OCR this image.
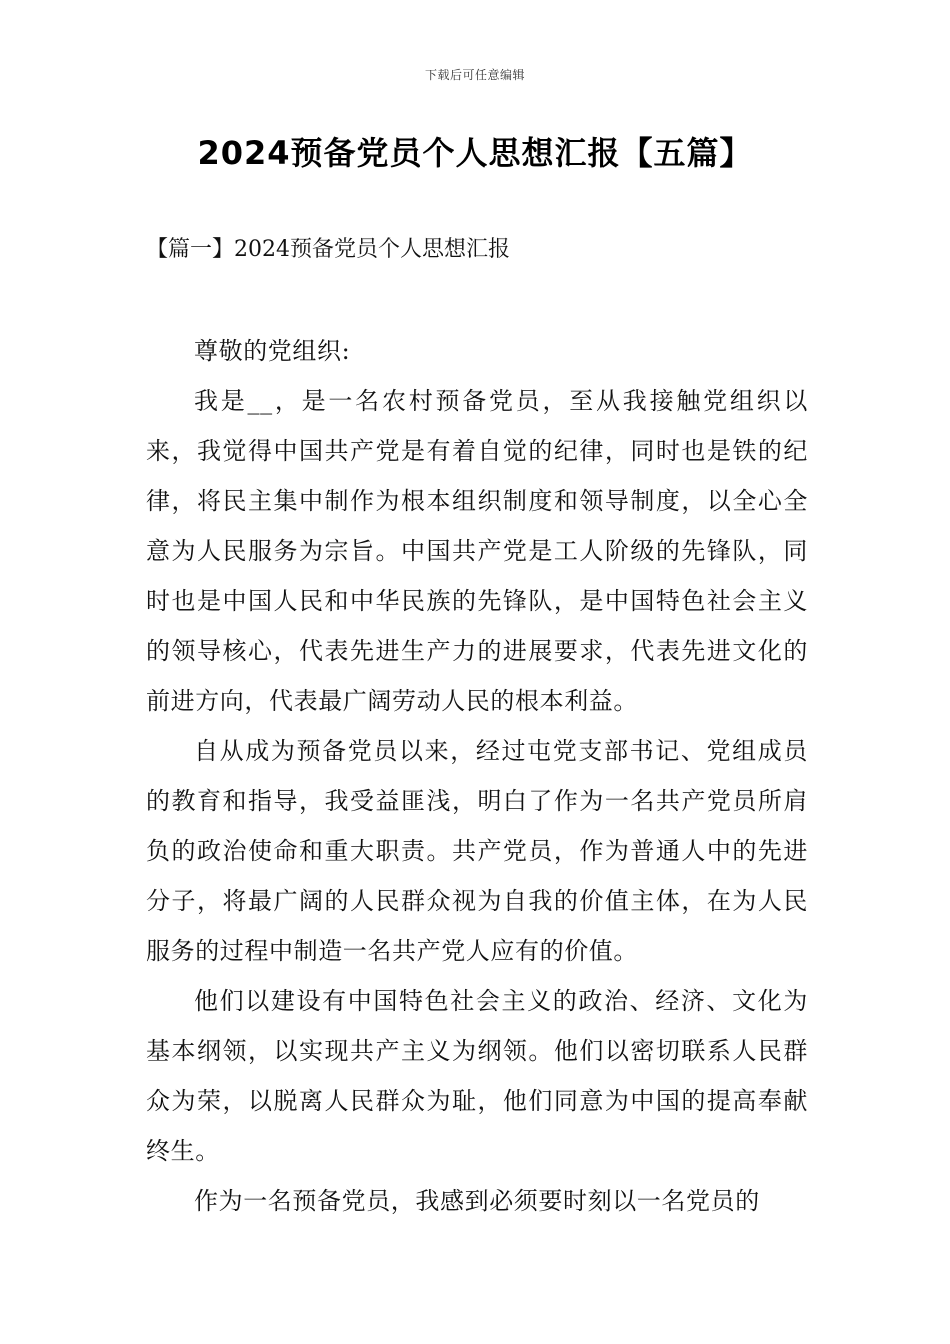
下载后可任意编辑
2024预备党员个人思想汇报【五篇】
【篇一】2024预备党员个人思想汇报

尊敬的党组织:

我是__，是一名农村预备党员，至从我接触党组织以来，我觉得中国共产党是有着自觉的纪律，同时也是铁的纪律，将民主集中制作为根本组织制度和领导制度，以全心全意为人民服务为宗旨。中国共产党是工人阶级的先锋队，同时也是中国人民和中华民族的先锋队，是中国特色社会主义的领导核心，代表先进生产力的进展要求，代表先进文化的前进方向，代表最广阔劳动人民的根本利益。

自从成为预备党员以来，经过屯党支部书记、党组成员的教育和指导，我受益匪浅，明白了作为一名共产党员所肩负的政治使命和重大职责。共产党员，作为普通人中的先进分子，将最广阔的人民群众视为自我的价值主体，在为人民服务的过程中制造一名共产党人应有的价值。

他们以建设有中国特色社会主义的政治、经济、文化为基本纲领，以实现共产主义为纲领。他们以密切联系人民群众为荣，以脱离人民群众为耻，他们同意为中国的提高奉献终生。

作为一名预备党员，我感到必须要时刻以一名党员的
